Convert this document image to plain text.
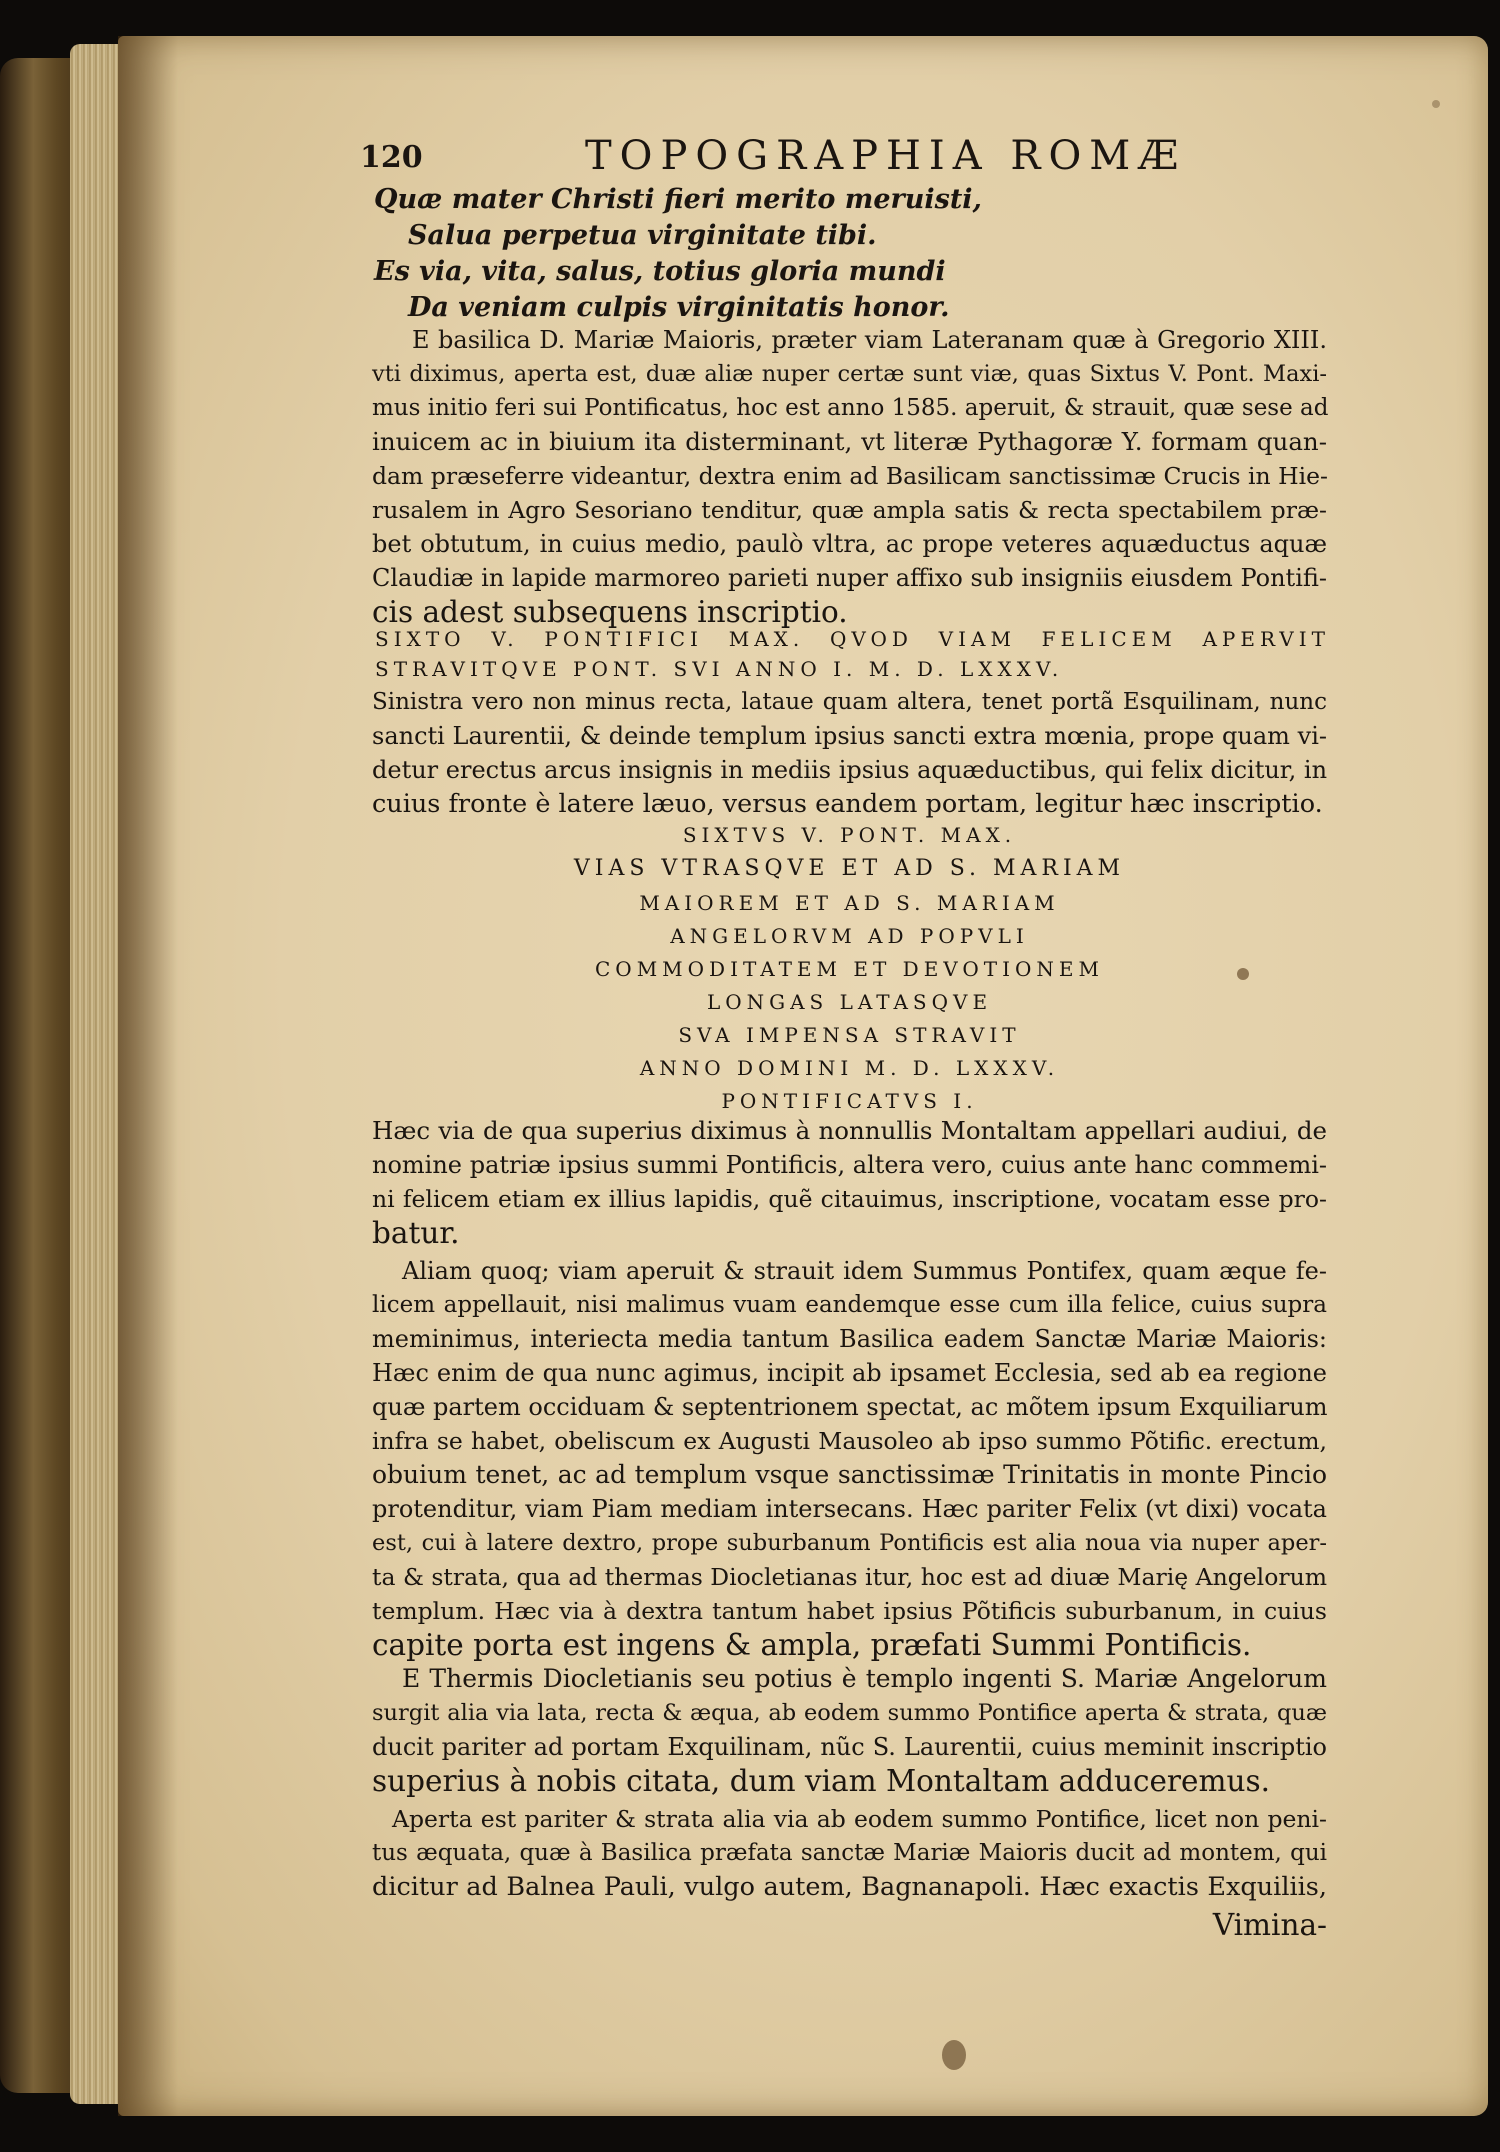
120	TOPOGRAPHIA ROMÆ
Quæ mater Christi fieri merito meruisti,
Salua perpetua virginitate tibi.
Es via, vita, salus, totius gloria mundi
Da veniam culpis virginitatis honor.
E basilica D. Mariæ Maioris, præter viam Lateranam quæ à Gregorio XIII.
vti diximus, aperta est, duæ aliæ nuper certæ sunt viæ, quas Sixtus V. Pont. Maxi-
mus initio feri sui Pontificatus, hoc est anno 1585. aperuit, & strauit, quæ sese ad
inuicem ac in biuium ita disterminant, vt literæ Pythagoræ Y. formam quan-
dam præseferre videantur, dextra enim ad Basilicam sanctissimæ Crucis in Hie-
rusalem in Agro Sesoriano tenditur, quæ ampla satis & recta spectabilem præ-
bet obtutum, in cuius medio, paulò vltra, ac prope veteres aquæductus aquæ
Claudiæ in lapide marmoreo parieti nuper affixo sub insigniis eiusdem Pontifi-
cis adest subsequens inscriptio.
SIXTO V. PONTIFICI MAX. QVOD VIAM FELICEM APERVIT
STRAVITQVE PONT. SVI ANNO I. M. D. LXXXV.
Sinistra vero non minus recta, lataue quam altera, tenet portã Esquilinam, nunc
sancti Laurentii, & deinde templum ipsius sancti extra mœnia, prope quam vi-
detur erectus arcus insignis in mediis ipsius aquæductibus, qui felix dicitur, in
cuius fronte è latere læuo, versus eandem portam, legitur hæc inscriptio.
SIXTVS V. PONT. MAX.
VIAS VTRASQVE ET AD S. MARIAM
MAIOREM ET AD S. MARIAM
ANGELORVM AD POPVLI
COMMODITATEM ET DEVOTIONEM
LONGAS LATASQVE
SVA IMPENSA STRAVIT
ANNO DOMINI M. D. LXXXV.
PONTIFICATVS I.
Hæc via de qua superius diximus à nonnullis Montaltam appellari audiui, de
nomine patriæ ipsius summi Pontificis, altera vero, cuius ante hanc commemi-
ni felicem etiam ex illius lapidis, quẽ citauimus, inscriptione, vocatam esse pro-
batur.
Aliam quoq; viam aperuit & strauit idem Summus Pontifex, quam æque fe-
licem appellauit, nisi malimus vuam eandemque esse cum illa felice, cuius supra
meminimus, interiecta media tantum Basilica eadem Sanctæ Mariæ Maioris:
Hæc enim de qua nunc agimus, incipit ab ipsamet Ecclesia, sed ab ea regione
quæ partem occiduam & septentrionem spectat, ac mõtem ipsum Exquiliarum
infra se habet, obeliscum ex Augusti Mausoleo ab ipso summo Põtific. erectum,
obuium tenet, ac ad templum vsque sanctissimæ Trinitatis in monte Pincio
protenditur, viam Piam mediam intersecans. Hæc pariter Felix (vt dixi) vocata
est, cui à latere dextro, prope suburbanum Pontificis est alia noua via nuper aper-
ta & strata, qua ad thermas Diocletianas itur, hoc est ad diuæ Marię Angelorum
templum. Hæc via à dextra tantum habet ipsius Põtificis suburbanum, in cuius
capite porta est ingens & ampla, præfati Summi Pontificis.
E Thermis Diocletianis seu potius è templo ingenti S. Mariæ Angelorum
surgit alia via lata, recta & æqua, ab eodem summo Pontifice aperta & strata, quæ
ducit pariter ad portam Exquilinam, nũc S. Laurentii, cuius meminit inscriptio
superius à nobis citata, dum viam Montaltam adduceremus.
Aperta est pariter & strata alia via ab eodem summo Pontifice, licet non peni-
tus æquata, quæ à Basilica præfata sanctæ Mariæ Maioris ducit ad montem, qui
dicitur ad Balnea Pauli, vulgo autem, Bagnanapoli. Hæc exactis Exquiliis,
Vimina-
